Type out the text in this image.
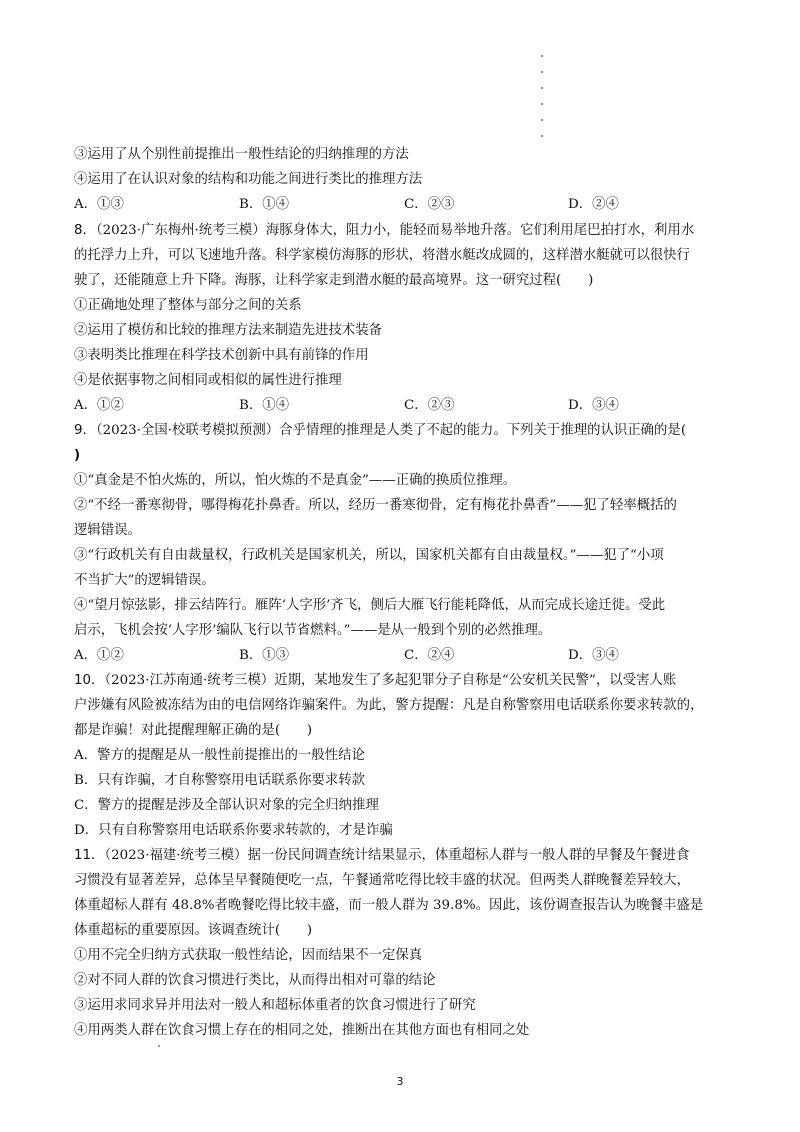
③运用了从个别性前提推出一般性结论的归纳推理的方法
④运用了在认识对象的结构和功能之间进行类比的推理方法
A．①③	B．①④	C．②③	D．②④
8．（2023·广东梅州·统考三模）海豚身体大，阻力小，能轻而易举地升落。它们利用尾巴拍打水，利用水
的托浮力上升，可以飞速地升落。科学家模仿海豚的形状，将潜水艇改成圆的，这样潜水艇就可以很快行
驶了，还能随意上升下降。海豚，让科学家走到潜水艇的最高境界。这一研究过程(　　)
①正确地处理了整体与部分之间的关系
②运用了模仿和比较的推理方法来制造先进技术装备
③表明类比推理在科学技术创新中具有前锋的作用
④是依据事物之间相同或相似的属性进行推理
A．①②	B．①④	C．②③	D．③④
9．（2023·全国·校联考模拟预测）合乎情理的推理是人类了不起的能力。下列关于推理的认识正确的是(
)
①“真金是不怕火炼的，所以，怕火炼的不是真金”——正确的换质位推理。
②“不经一番寒彻骨，哪得梅花扑鼻香。所以，经历一番寒彻骨，定有梅花扑鼻香”——犯了轻率概括的
逻辑错误。
③“行政机关有自由裁量权，行政机关是国家机关，所以，国家机关都有自由裁量权。”——犯了“小项
不当扩大”的逻辑错误。
④“望月惊弦影，排云结阵行。雁阵‘人字形’齐飞，侧后大雁飞行能耗降低，从而完成长途迁徙。受此
启示，飞机会按‘人字形’编队飞行以节省燃料。”——是从一般到个别的必然推理。
A．①②	B．①③	C．②④	D．③④
10．（2023·江苏南通·统考三模）近期，某地发生了多起犯罪分子自称是“公安机关民警”，以受害人账
户涉嫌有风险被冻结为由的电信网络诈骗案件。为此，警方提醒：凡是自称警察用电话联系你要求转款的，
都是诈骗！对此提醒理解正确的是(　　)
A．警方的提醒是从一般性前提推出的一般性结论
B．只有诈骗，才自称警察用电话联系你要求转款
C．警方的提醒是涉及全部认识对象的完全归纳推理
D．只有自称警察用电话联系你要求转款的，才是诈骗
11．（2023·福建·统考三模）据一份民间调查统计结果显示，体重超标人群与一般人群的早餐及午餐进食
习惯没有显著差异，总体呈早餐随便吃一点，午餐通常吃得比较丰盛的状况。但两类人群晚餐差异较大，
体重超标人群有 48.8%者晚餐吃得比较丰盛，而一般人群为 39.8%。因此，该份调查报告认为晚餐丰盛是
体重超标的重要原因。该调查统计(　　)
①用不完全归纳方式获取一般性结论，因而结果不一定保真
②对不同人群的饮食习惯进行类比，从而得出相对可靠的结论
③运用求同求异并用法对一般人和超标体重者的饮食习惯进行了研究
④用两类人群在饮食习惯上存在的相同之处，推断出在其他方面也有相同之处
3
